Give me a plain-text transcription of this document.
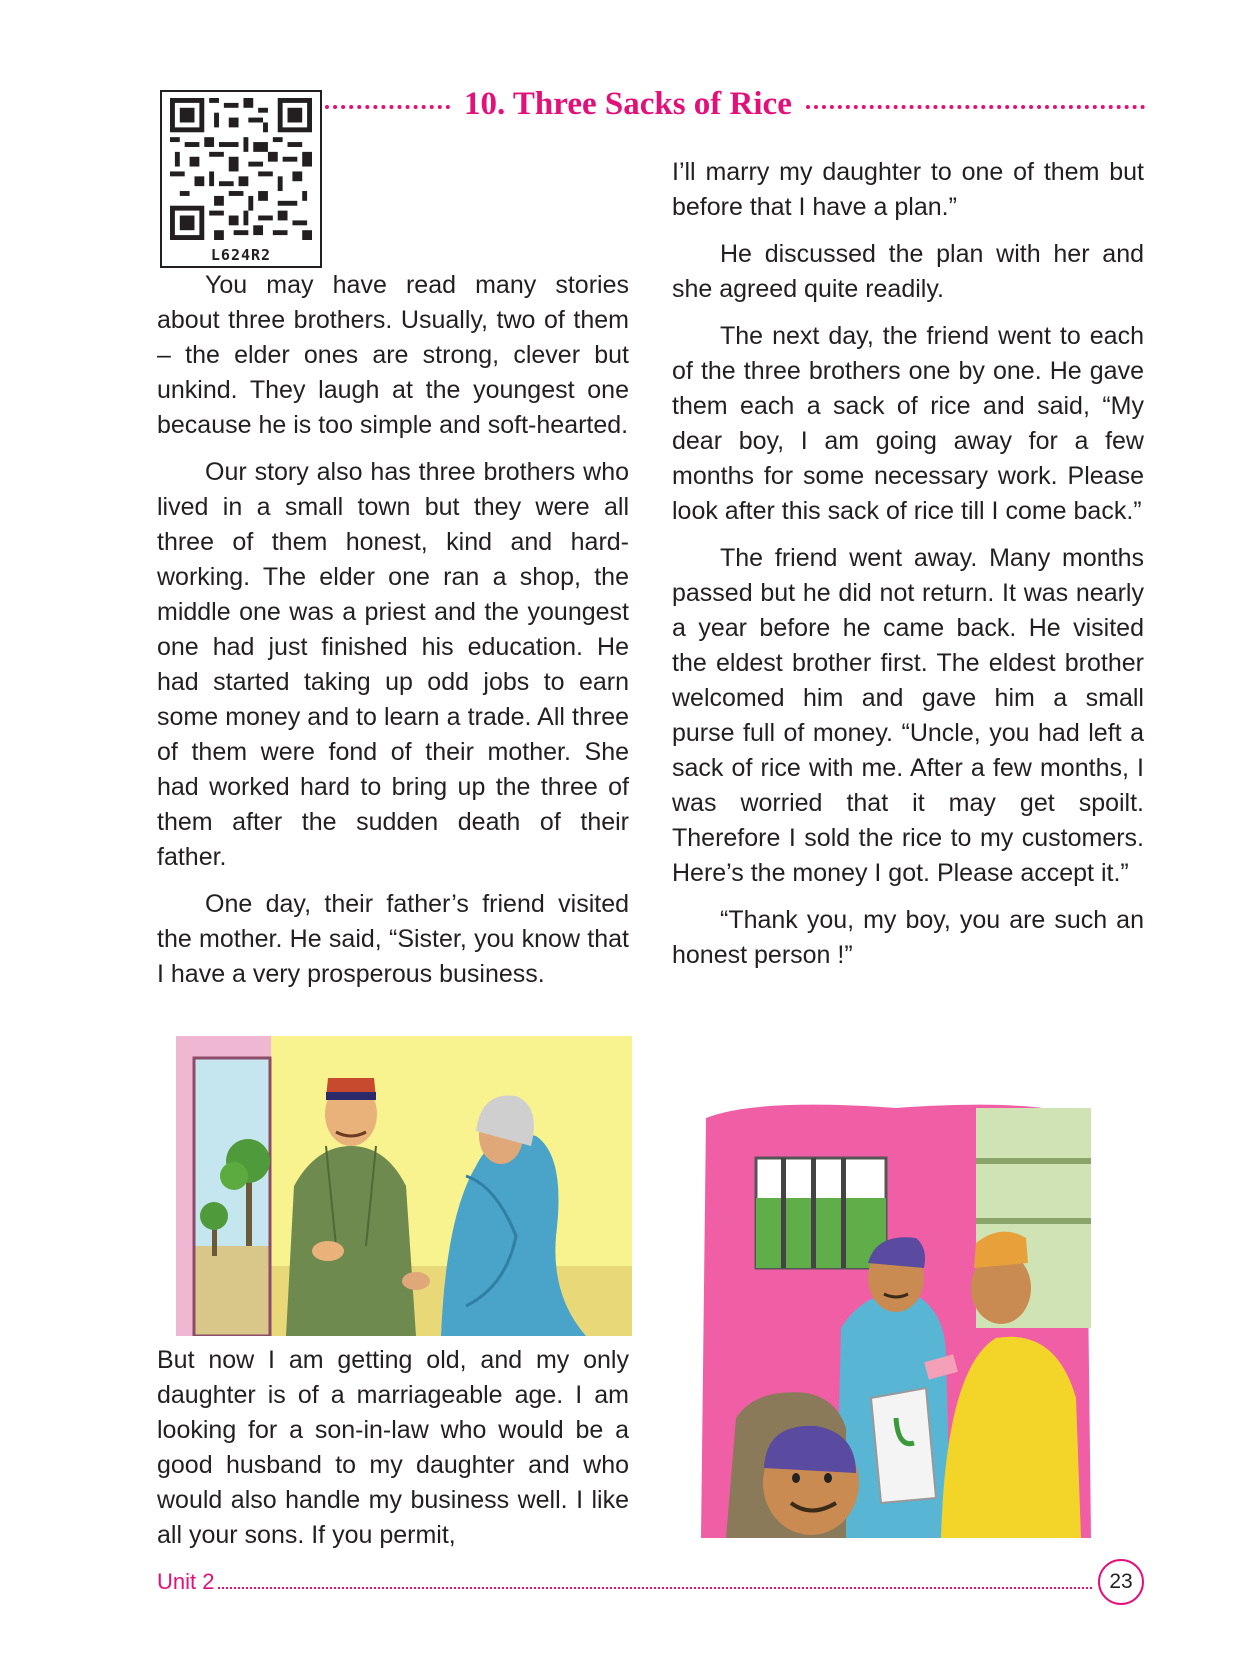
L624R2
10. Three Sacks of Rice

You may have read many stories about three brothers. Usually, two of them – the elder ones are strong, clever but unkind. They laugh at the youngest one because he is too simple and soft-hearted.

Our story also has three brothers who lived in a small town but they were all three of them honest, kind and hard-working. The elder one ran a shop, the middle one was a priest and the youngest one had just finished his education. He had started taking up odd jobs to earn some money and to learn a trade. All three of them were fond of their mother. She had worked hard to bring up the three of them after the sudden death of their father.

One day, their father’s friend visited the mother. He said, “Sister, you know that I have a very prosperous business.

But now I am getting old, and my only daughter is of a marriageable age. I am looking for a son-in-law who would be a good husband to my daughter and who would also handle my business well. I like all your sons. If you permit,

I’ll marry my daughter to one of them but before that I have a plan.”

He discussed the plan with her and she agreed quite readily.

The next day, the friend went to each of the three brothers one by one. He gave them each a sack of rice and said, “My dear boy, I am going away for a few months for some necessary work. Please look after this sack of rice till I come back.”

The friend went away. Many months passed but he did not return. It was nearly a year before he came back. He visited the eldest brother first. The eldest brother welcomed him and gave him a small purse full of money. “Uncle, you had left a sack of rice with me. After a few months, I was worried that it may get spoilt. Therefore I sold the rice to my customers. Here’s the money I got. Please accept it.”

“Thank you, my boy, you are such an honest person !”

Unit 2	23
